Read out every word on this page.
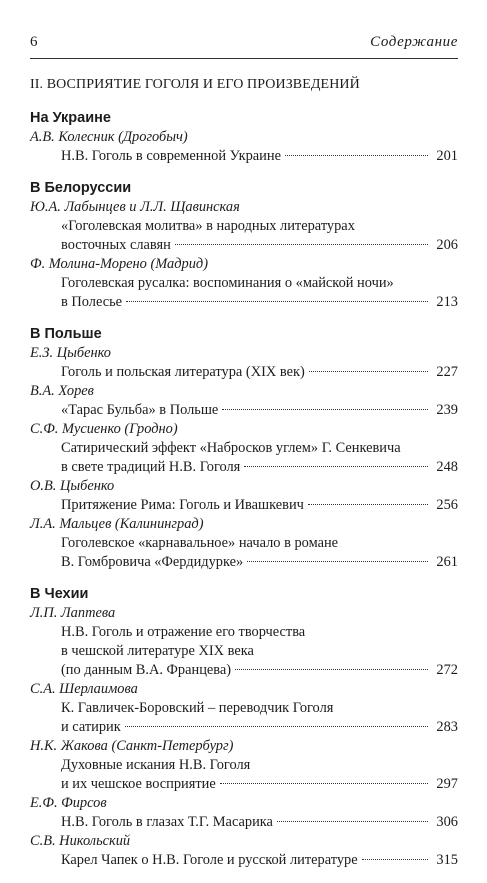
6	Содержание
II. ВОСПРИЯТИЕ ГОГОЛЯ И ЕГО ПРОИЗВЕДЕНИЙ
На Украине
А.В. Колесник (Дрогобыч)
Н.В. Гоголь в современной Украине	201
В Белоруссии
Ю.А. Лабынцев и Л.Л. Щавинская
«Гоголевская молитва» в народных литературах
восточных славян	206
Ф. Молина-Морено (Мадрид)
Гоголевская русалка: воспоминания о «майской ночи»
в Полесье	213
В Польше
Е.З. Цыбенко
Гоголь и польская литература (XIX век)	227
В.А. Хорев
«Тарас Бульба» в Польше	239
С.Ф. Мусиенко (Гродно)
Сатирический эффект «Набросков углем» Г. Сенкевича
в свете традиций Н.В. Гоголя	248
О.В. Цыбенко
Притяжение Рима: Гоголь и Ивашкевич	256
Л.А. Мальцев (Калининград)
Гоголевское «карнавальное» начало в романе
В. Гомбровича «Фердидурке»	261
В Чехии
Л.П. Лаптева
Н.В. Гоголь и отражение его творчества
в чешской литературе XIX века
(по данным В.А. Францева)	272
С.А. Шерлаимова
К. Гавличек-Боровский – переводчик Гоголя
и сатирик	283
Н.К. Жакова (Санкт-Петербург)
Духовные искания Н.В. Гоголя
и их чешское восприятие	297
Е.Ф. Фирсов
Н.В. Гоголь в глазах Т.Г. Масарика	306
С.В. Никольский
Карел Чапек о Н.В. Гоголе и русской литературе	315
